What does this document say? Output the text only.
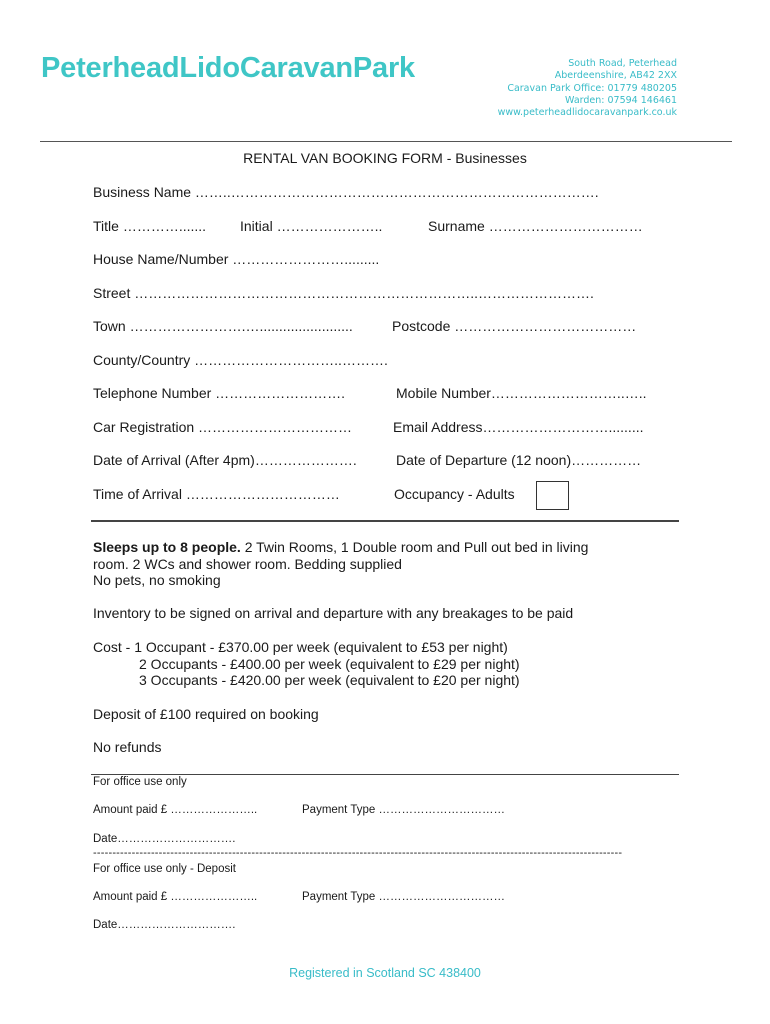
PeterheadLidoCaravanPark	South Road, Peterhead
Aberdeenshire, AB42 2XX
Caravan Park Office: 01779 480205
Warden: 07594 146461
www.peterheadlidocaravanpark.co.uk
RENTAL VAN BOOKING FORM - Businesses
Business Name ……..…………………………………………………………………….
Title …………....... Initial …………………..	Surname ……………………………
House Name/Number …………………….........
Street ………………………………………………………………..…………………….
Town …………………….…........................	Postcode …………………………………
County/Country …………………………..……….
Telephone Number ……………………….	Mobile Number………………………..…..
Car Registration ……………………………	Email Address……………………….........
Date of Arrival (After 4pm)………………….	Date of Departure (12 noon)……………
Time of Arrival ……………………………	Occupancy - Adults
Sleeps up to 8 people. 2 Twin Rooms, 1 Double room and Pull out bed in living
room. 2 WCs and shower room. Bedding supplied
No pets, no smoking
Inventory to be signed on arrival and departure with any breakages to be paid
Cost - 1 Occupant - £370.00 per week (equivalent to £53 per night)
2 Occupants - £400.00 per week (equivalent to £29 per night)
3 Occupants - £420.00 per week (equivalent to £20 per night)
Deposit of £100 required on booking
No refunds
For office use only
Amount paid £ …………………..	Payment Type ……………………………
Date………………………….
-----------------------------------------------------------------------------------------------------------------------------------------
For office use only - Deposit
Amount paid £ …………………..	Payment Type ……………………………
Date………………………….
Registered in Scotland SC 438400
